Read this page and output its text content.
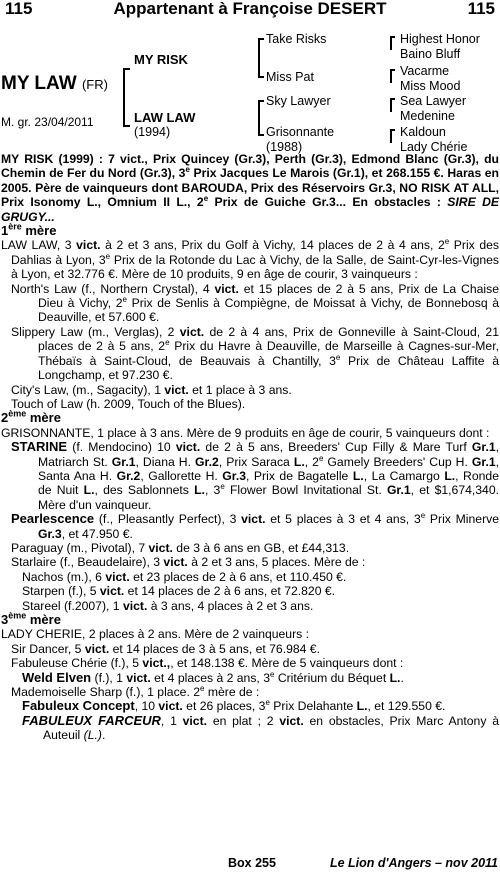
115	Appartenant à Françoise DESERT	115
MY LAW (FR)
M. gr. 23/04/2011
MY RISK
LAW LAW
(1994)
Take Risks
Miss Pat
Sky Lawyer
Grisonnante
(1988)
Highest Honor
Baino Bluff
Vacarme
Miss Mood
Sea Lawyer
Medenine
Kaldoun
Lady Chérie

MY RISK (1999) : 7 vict., Prix Quincey (Gr.3), Perth (Gr.3), Edmond Blanc (Gr.3), du Chemin de Fer du Nord (Gr.3), 3e Prix Jacques Le Marois (Gr.1), et 268.155 €. Haras en 2005. Père de vainqueurs dont BAROUDA, Prix des Réservoirs Gr.3, NO RISK AT ALL, Prix Isonomy L., Omnium II L., 2e Prix de Guiche Gr.3... En obstacles : SIRE DE GRUGY...

1ère mère

LAW LAW, 3 vict. à 2 et 3 ans, Prix du Golf à Vichy, 14 places de 2 à 4 ans, 2e Prix des Dahlias à Lyon, 3e Prix de la Rotonde du Lac à Vichy, de la Salle, de Saint-Cyr-les-Vignes à Lyon, et 32.776 €. Mère de 10 produits, 9 en âge de courir, 3 vainqueurs :

North's Law (f., Northern Crystal), 4 vict. et 15 places de 2 à 5 ans, Prix de La Chaise Dieu à Vichy, 2e Prix de Senlis à Compiègne, de Moissat à Vichy, de Bonnebosq à Deauville, et 57.600 €.

Slippery Law (m., Verglas), 2 vict. de 2 à 4 ans, Prix de Gonneville à Saint-Cloud, 21 places de 2 à 5 ans, 2e Prix du Havre à Deauville, de Marseille à Cagnes-sur-Mer, Thébaïs à Saint-Cloud, de Beauvais à Chantilly, 3e Prix de Château Laffite à Longchamp, et 97.230 €.

City's Law, (m., Sagacity), 1 vict. et 1 place à 3 ans.

Touch of Law (h. 2009, Touch of the Blues).

2ème mère

GRISONNANTE, 1 place à 3 ans. Mère de 9 produits en âge de courir, 5 vainqueurs dont :

STARINE (f. Mendocino) 10 vict. de 2 à 5 ans, Breeders' Cup Filly & Mare Turf Gr.1, Matriarch St. Gr.1, Diana H. Gr.2, Prix Saraca L., 2e Gamely Breeders' Cup H. Gr.1, Santa Ana H. Gr.2, Gallorette H. Gr.3, Prix de Bagatelle L., La Camargo L., Ronde de Nuit L., des Sablonnets L., 3e Flower Bowl Invitational St. Gr.1, et $1,674,340. Mère d'un vainqueur.

Pearlescence (f., Pleasantly Perfect), 3 vict. et 5 places à 3 et 4 ans, 3e Prix Minerve Gr.3, et 47.950 €.

Paraguay (m., Pivotal), 7 vict. de 3 à 6 ans en GB, et £44,313.

Starlaire (f., Beaudelaire), 3 vict. à 2 et 3 ans, 5 places. Mère de :

Nachos (m.), 6 vict. et 23 places de 2 à 6 ans, et 110.450 €.

Starpen (f.), 5 vict. et 14 places de 2 à 6 ans, et 72.820 €.

Stareel (f.2007), 1 vict. à 3 ans, 4 places à 2 et 3 ans.

3ème mère

LADY CHERIE, 2 places à 2 ans. Mère de 2 vainqueurs :

Sir Dancer, 5 vict. et 14 places de 3 à 5 ans, et 76.984 €.

Fabuleuse Chérie (f.), 5 vict.,, et 148.138 €. Mère de 5 vainqueurs dont :

Weld Elven (f.), 1 vict. et 4 places à 2 ans, 3e Critérium du Béquet L..

Mademoiselle Sharp (f.), 1 place. 2e mère de :

Fabuleux Concept, 10 vict. et 26 places, 3e Prix Delahante L., et 129.550 €.

FABULEUX FARCEUR, 1 vict. en plat ; 2 vict. en obstacles, Prix Marc Antony à Auteuil (L.).

Box 255	Le Lion d'Angers – nov 2011
